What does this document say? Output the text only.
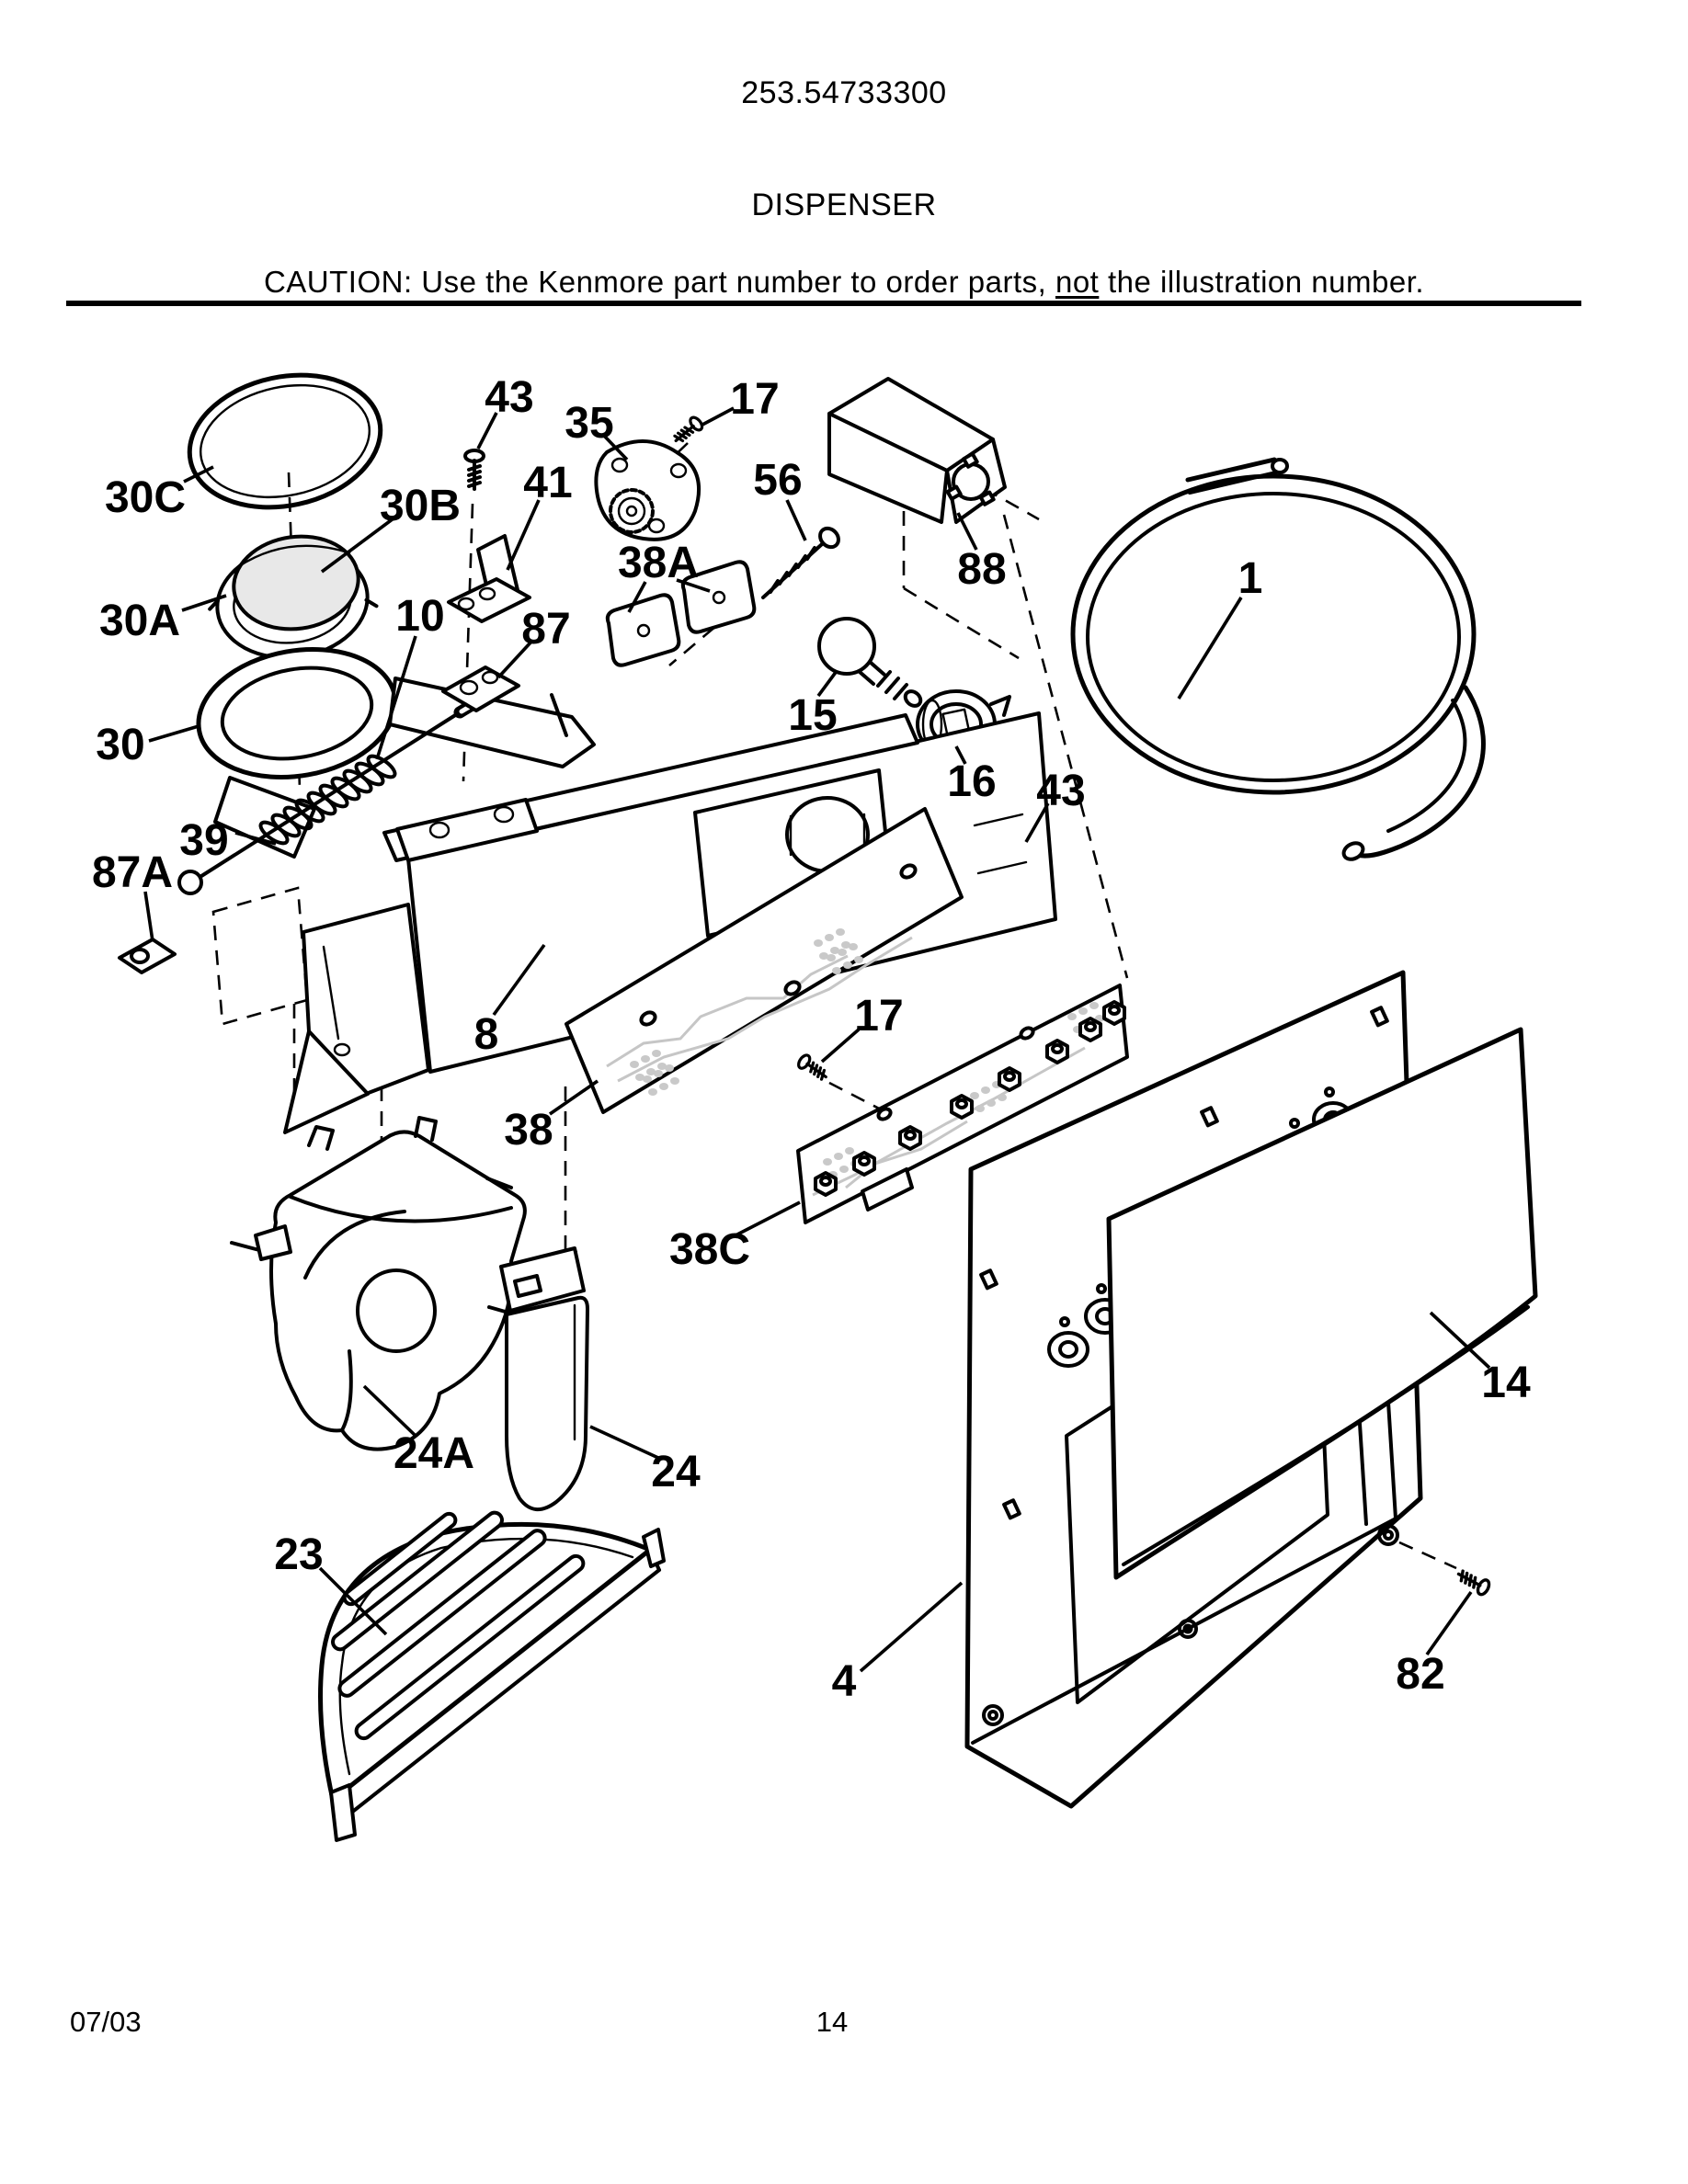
253.54733300
DISPENSER
CAUTION: Use the Kenmore part number to order parts, not the illustration number.
43
35	17
30C	30B 41	56
88	1
38A
30A	10 87
15
16
30
43
39
87A
8	17
38
38C
24A	24
23
4
14
82
07/03	14
